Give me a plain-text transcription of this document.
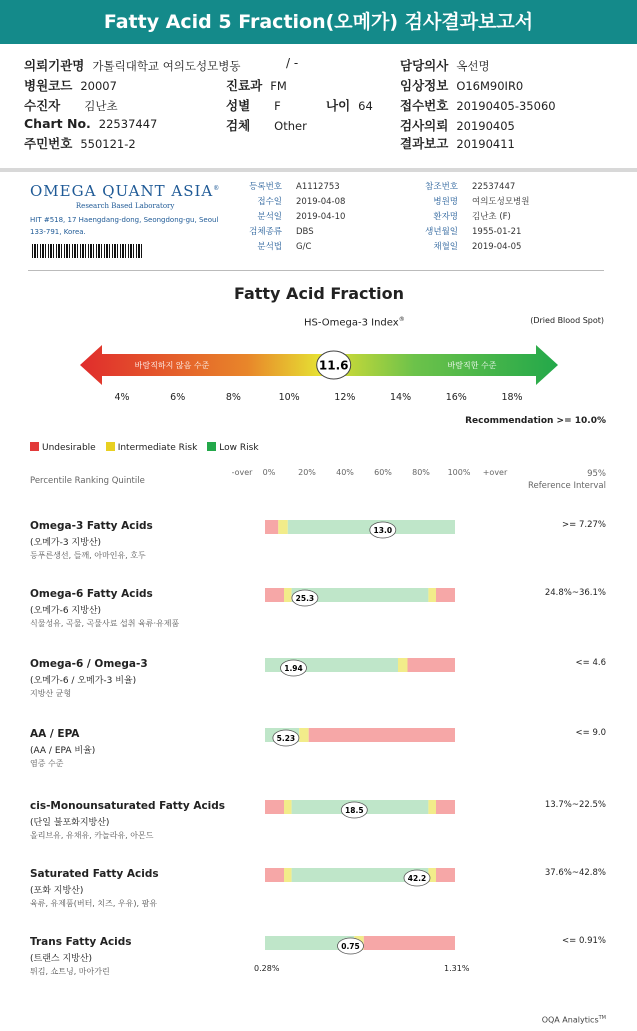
Fatty Acid 5 Fraction(오메가) 검사결과보고서
의뢰기관명 가톨릭대학교 여의도성모병동	/ -
병원코드 20007
수진자 김난초
Chart No. 22537447
주민번호 550121-2
진료과 FM
성별 F	나이 64
검체 Other
담당의사 옥선명
임상정보 O16M90IR0
접수번호 20190405-35060
검사의뢰 20190405
결과보고 20190411
OMEGA QUANT ASIA®
Research Based Laboratory
HIT #518, 17 Haengdang-dong, Seongdong-gu, Seoul 133-791, Korea.
등록번호 A1112753
접수일 2019-04-08
분석일 2019-04-10
검체종류 DBS
분석법 G/C
참조번호 22537447
병원명 여의도성모병원
환자명 김난초 (F)
생년월일 1955-01-21
채혈일 2019-04-05
Fatty Acid Fraction
HS-Omega-3 Index®	(Dried Blood Spot)
바람직하지 않음 수준	바람직한 수준
11.6
4%	6%	8%	10%	12%	14%	16%	18%
Recommendation >= 10.0%
Undesirable Intermediate Risk Low Risk
Percentile Ranking Quintile
-over 0%	20%	40%	60%	80% 100% +over	95%
Reference Interval
Omega-3 Fatty Acids
(오메가-3 지방산)
등푸른생선, 들깨, 아마인유, 호두
>= 7.27%
13.0
Omega-6 Fatty Acids
(오메가-6 지방산)
식물성유, 곡물, 곡물사료 섭취 육류·유제품
24.8%~36.1%
25.3
Omega-6 / Omega-3
(오메가-6 / 오메가-3 비율)
지방산 균형
<= 4.6
1.94
AA / EPA
(AA / EPA 비율)
염증 수준
<= 9.0
5.23
cis-Monounsaturated Fatty Acids
(단일 불포화지방산)
올리브유, 유채유, 카놀라유, 아몬드
13.7%~22.5%
18.5
Saturated Fatty Acids
(포화 지방산)
육류, 유제품(버터, 치즈, 우유), 팜유
37.6%~42.8%
42.2
Trans Fatty Acids
(트랜스 지방산)
튀김, 쇼트닝, 마아가린
<= 0.91%
0.75
0.28%	1.31%
OQA Analytics™
